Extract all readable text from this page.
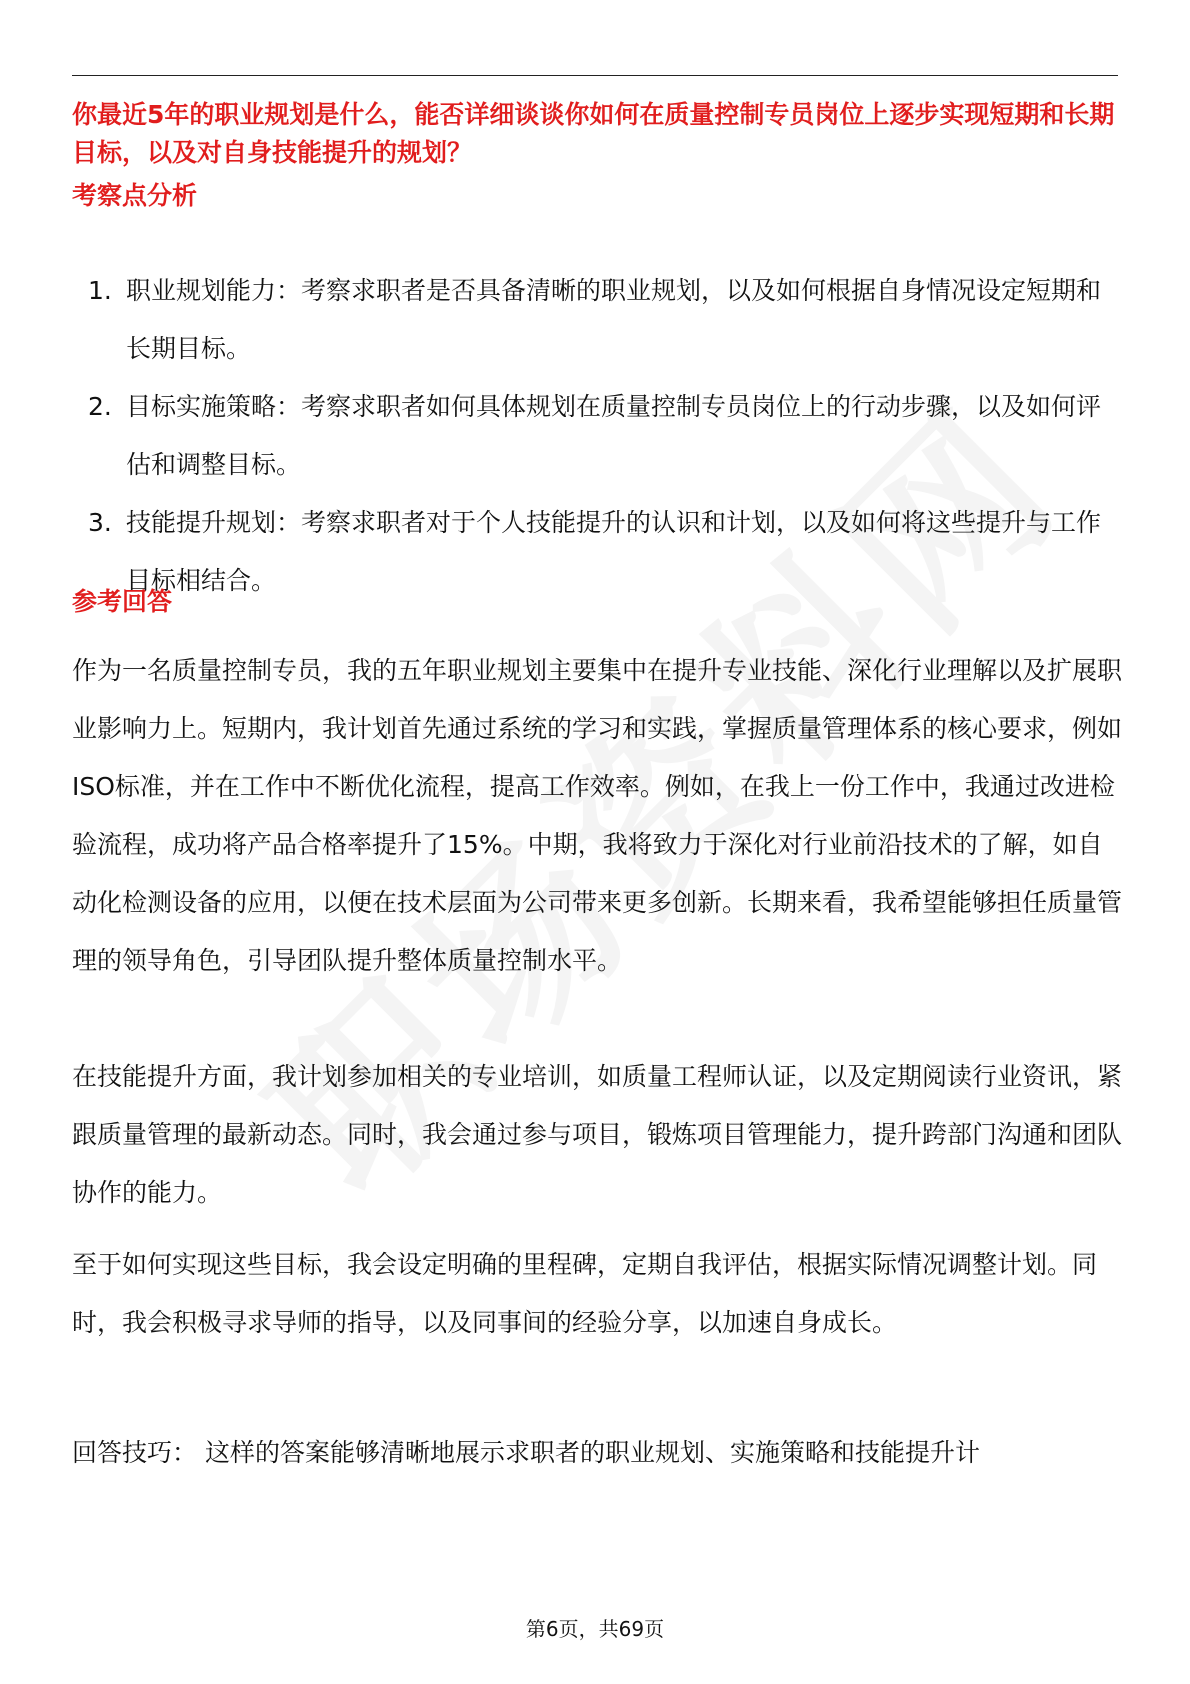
你最近5年的职业规划是什么，能否详细谈谈你如何在质量控制专员岗位上逐步实现短期和长期目标，以及对自身技能提升的规划？
考察点分析
1. 职业规划能力：考察求职者是否具备清晰的职业规划，以及如何根据自身情况设定短期和长期目标。
2. 目标实施策略：考察求职者如何具体规划在质量控制专员岗位上的行动步骤，以及如何评估和调整目标。
3. 技能提升规划：考察求职者对于个人技能提升的认识和计划，以及如何将这些提升与工作目标相结合。
参考回答
作为一名质量控制专员，我的五年职业规划主要集中在提升专业技能、深化行业理解以及扩展职业影响力上。短期内，我计划首先通过系统的学习和实践，掌握质量管理体系的核心要求，例如ISO标准，并在工作中不断优化流程，提高工作效率。例如，在我上一份工作中，我通过改进检验流程，成功将产品合格率提升了15%。中期，我将致力于深化对行业前沿技术的了解，如自动化检测设备的应用，以便在技术层面为公司带来更多创新。长期来看，我希望能够担任质量管理的领导角色，引导团队提升整体质量控制水平。
在技能提升方面，我计划参加相关的专业培训，如质量工程师认证，以及定期阅读行业资讯，紧跟质量管理的最新动态。同时，我会通过参与项目，锻炼项目管理能力，提升跨部门沟通和团队协作的能力。
至于如何实现这些目标，我会设定明确的里程碑，定期自我评估，根据实际情况调整计划。同时，我会积极寻求导师的指导，以及同事间的经验分享，以加速自身成长。
回答技巧： 这样的答案能够清晰地展示求职者的职业规划、实施策略和技能提升计
第6页，共69页
